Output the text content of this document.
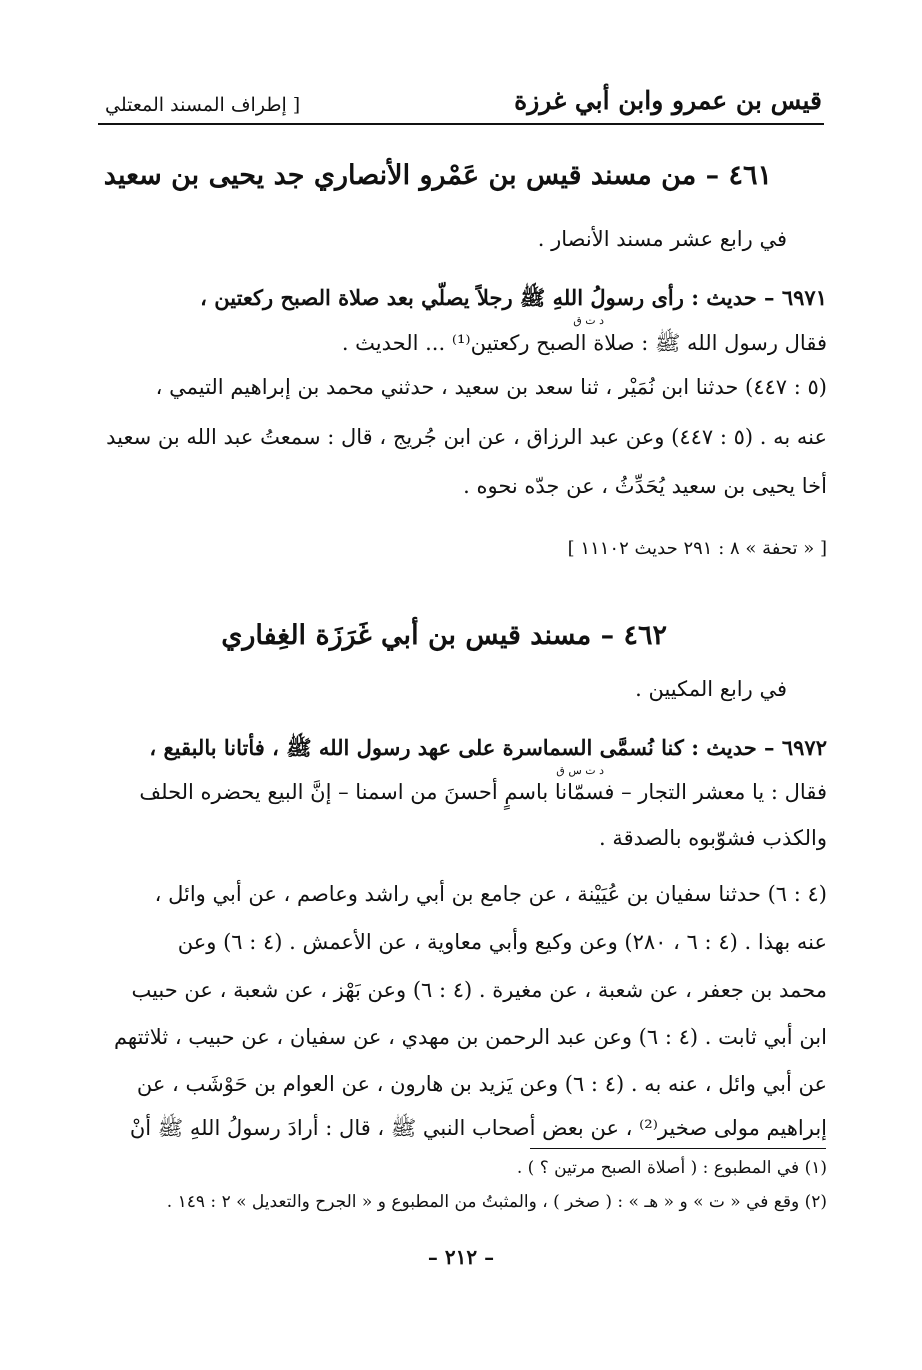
قيس بن عمرو وابن أبي غرزة
[ إطراف المسند المعتلي
٤٦١ – من مسند قيس بن عَمْرو الأنصاري جد يحيى بن سعيد
في رابع عشر مسند الأنصار .
٦٩٧١ – حديث : رأى رسولُ اللهِ ﷺ رجلاً يصلّي بعد صلاة الصبح ركعتين ،
د ت ق
فقال رسول الله ﷺ : صلاة الصبح ركعتين⁽¹⁾ ... الحديث .
(٥ : ٤٤٧) حدثنا ابن نُمَيْر ، ثنا سعد بن سعيد ، حدثني محمد بن إبراهيم التيمي ،
عنه به . (٥ : ٤٤٧) وعن عبد الرزاق ، عن ابن جُريج ، قال : سمعتُ عبد الله بن سعيد
أخا يحيى بن سعيد يُحَدِّثُ ، عن جدّه نحوه .
[ « تحفة » ٨ : ٢٩١ حديث ١١١٠٢ ]
٤٦٢ – مسند قيس بن أبي غَرَزَة الغِفاري
في رابع المكيين .
٦٩٧٢ – حديث : كنا نُسمَّى السماسرة على عهد رسول الله ﷺ ، فأتانا بالبقيع ،
د ت س ق
فقال : يا معشر التجار – فسمّانا باسمٍ أحسنَ من اسمنا – إنَّ البيع يحضره الحلف
والكذب فشوّبوه بالصدقة .
(٤ : ٦) حدثنا سفيان بن عُيَيْنة ، عن جامع بن أبي راشد وعاصم ، عن أبي وائل ،
عنه بهذا . (٤ : ٦ ، ٢٨٠) وعن وكيع وأبي معاوية ، عن الأعمش . (٤ : ٦) وعن
محمد بن جعفر ، عن شعبة ، عن مغيرة . (٤ : ٦) وعن بَهْز ، عن شعبة ، عن حبيب
ابن أبي ثابت . (٤ : ٦) وعن عبد الرحمن بن مهدي ، عن سفيان ، عن حبيب ، ثلاثتهم
عن أبي وائل ، عنه به . (٤ : ٦) وعن يَزيد بن هارون ، عن العوام بن حَوْشَب ، عن
إبراهيم مولى صخير⁽²⁾ ، عن بعض أصحاب النبي ﷺ ، قال : أرادَ رسولُ اللهِ ﷺ أنْ
(١) في المطبوع : ( أصلاة الصبح مرتين ؟ ) .
(٢) وقع في « ت » و « هـ » : ( صخر ) ، والمثبتُ من المطبوع و « الجرح والتعديل » ٢ : ١٤٩ .
– ٢١٢ –
